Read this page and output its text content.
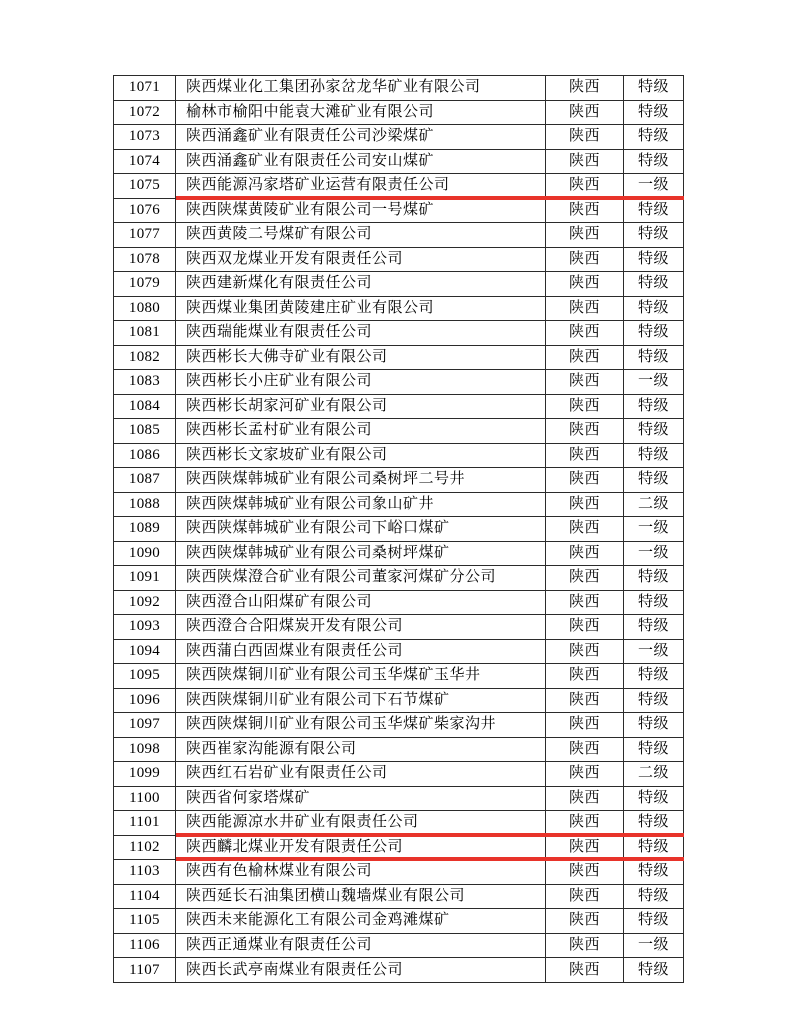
1071	陕西煤业化工集团孙家岔龙华矿业有限公司	陕西	特级
1072	榆林市榆阳中能袁大滩矿业有限公司	陕西	特级
1073	陕西涌鑫矿业有限责任公司沙梁煤矿	陕西	特级
1074	陕西涌鑫矿业有限责任公司安山煤矿	陕西	特级
1075	陕西能源冯家塔矿业运营有限责任公司	陕西	一级
1076	陕西陕煤黄陵矿业有限公司一号煤矿	陕西	特级
1077	陕西黄陵二号煤矿有限公司	陕西	特级
1078	陕西双龙煤业开发有限责任公司	陕西	特级
1079	陕西建新煤化有限责任公司	陕西	特级
1080	陕西煤业集团黄陵建庄矿业有限公司	陕西	特级
1081	陕西瑞能煤业有限责任公司	陕西	特级
1082	陕西彬长大佛寺矿业有限公司	陕西	特级
1083	陕西彬长小庄矿业有限公司	陕西	一级
1084	陕西彬长胡家河矿业有限公司	陕西	特级
1085	陕西彬长孟村矿业有限公司	陕西	特级
1086	陕西彬长文家坡矿业有限公司	陕西	特级
1087	陕西陕煤韩城矿业有限公司桑树坪二号井	陕西	特级
1088	陕西陕煤韩城矿业有限公司象山矿井	陕西	二级
1089	陕西陕煤韩城矿业有限公司下峪口煤矿	陕西	一级
1090	陕西陕煤韩城矿业有限公司桑树坪煤矿	陕西	一级
1091	陕西陕煤澄合矿业有限公司董家河煤矿分公司	陕西	特级
1092	陕西澄合山阳煤矿有限公司	陕西	特级
1093	陕西澄合合阳煤炭开发有限公司	陕西	特级
1094	陕西蒲白西固煤业有限责任公司	陕西	一级
1095	陕西陕煤铜川矿业有限公司玉华煤矿玉华井	陕西	特级
1096	陕西陕煤铜川矿业有限公司下石节煤矿	陕西	特级
1097	陕西陕煤铜川矿业有限公司玉华煤矿柴家沟井	陕西	特级
1098	陕西崔家沟能源有限公司	陕西	特级
1099	陕西红石岩矿业有限责任公司	陕西	二级
1100	陕西省何家塔煤矿	陕西	特级
1101	陕西能源凉水井矿业有限责任公司	陕西	特级
1102	陕西麟北煤业开发有限责任公司	陕西	特级
1103	陕西有色榆林煤业有限公司	陕西	特级
1104	陕西延长石油集团横山魏墙煤业有限公司	陕西	特级
1105	陕西未来能源化工有限公司金鸡滩煤矿	陕西	特级
1106	陕西正通煤业有限责任公司	陕西	一级
1107	陕西长武亭南煤业有限责任公司	陕西	特级
